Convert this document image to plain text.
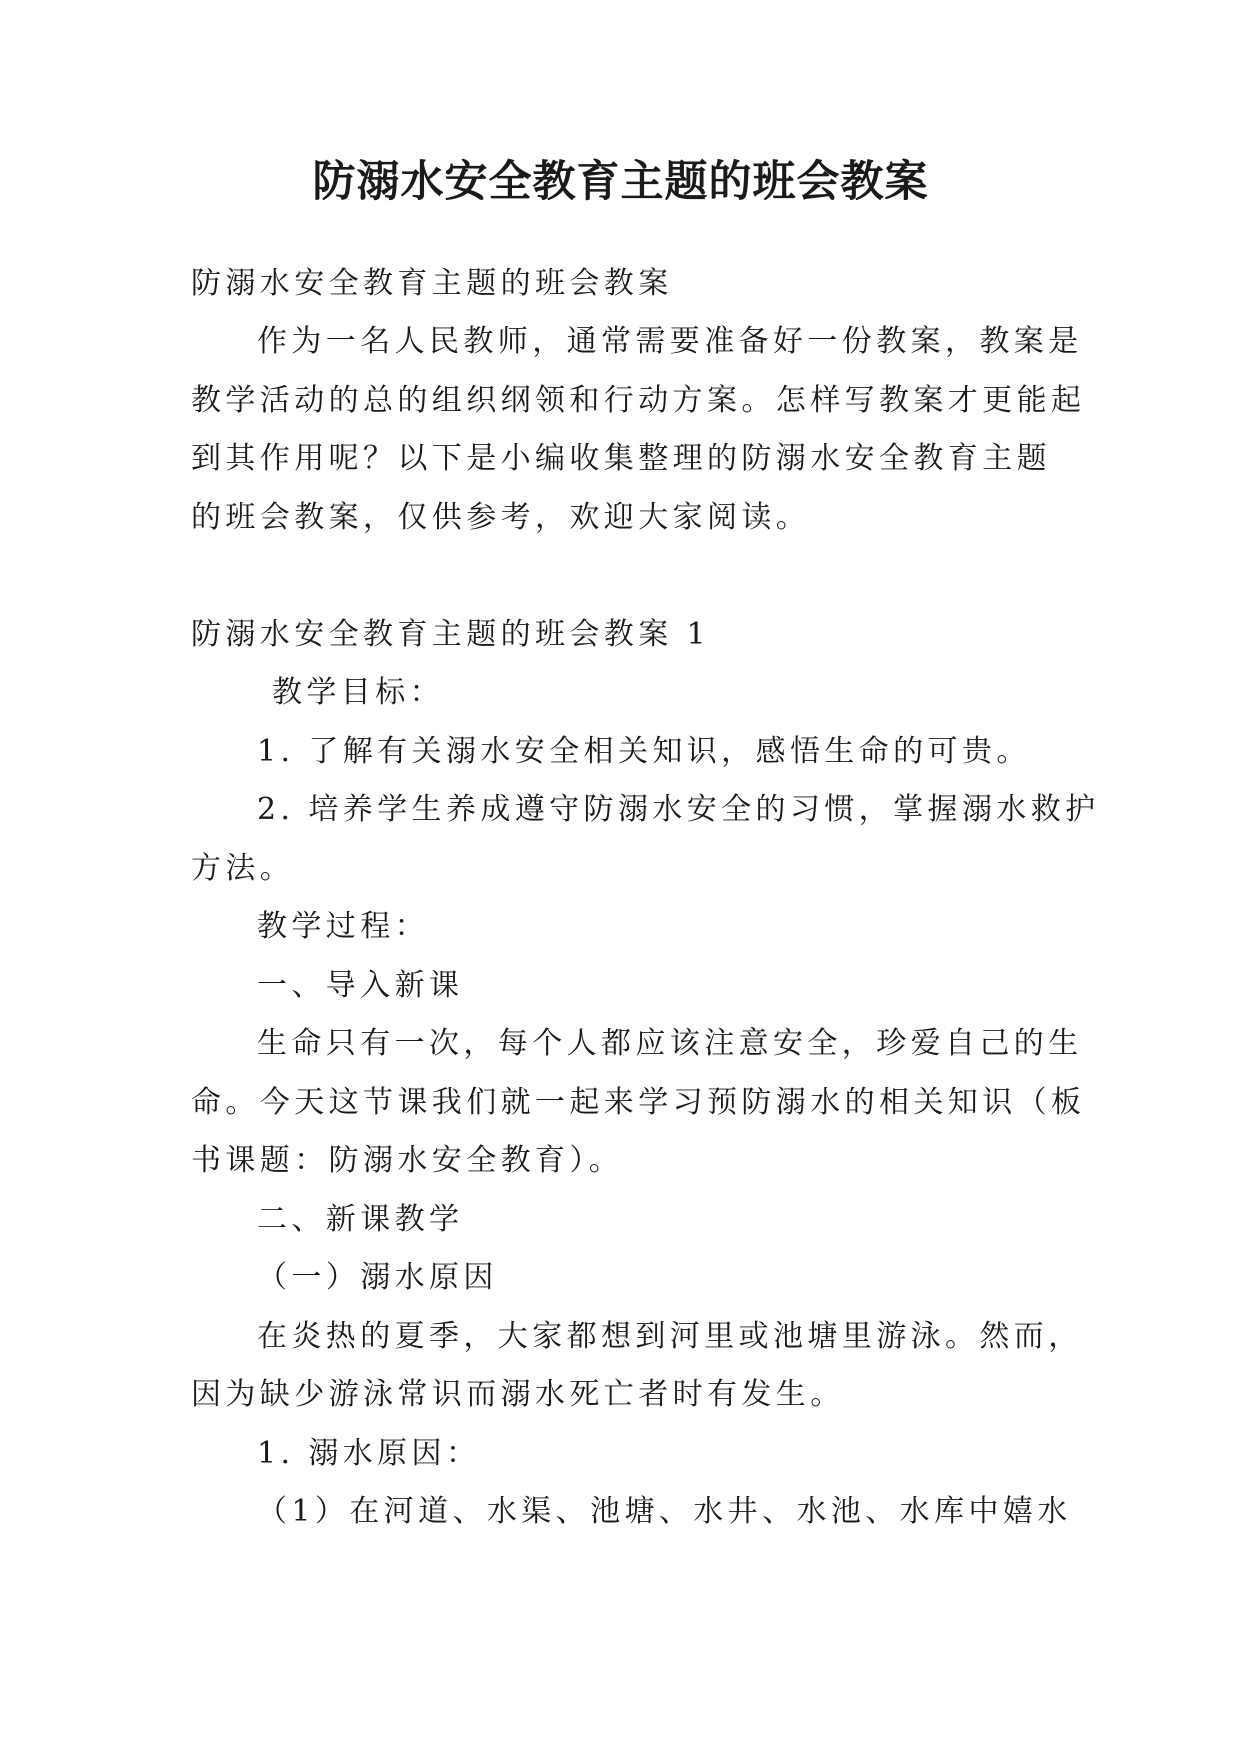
防溺水安全教育主题的班会教案

防溺水安全教育主题的班会教案

作为一名人民教师，通常需要准备好一份教案，教案是

教学活动的总的组织纲领和行动方案。怎样写教案才更能起

到其作用呢？以下是小编收集整理的防溺水安全教育主题

的班会教案，仅供参考，欢迎大家阅读。

防溺水安全教育主题的班会教案 1

教学目标：

1. 了解有关溺水安全相关知识，感悟生命的可贵。

2. 培养学生养成遵守防溺水安全的习惯，掌握溺水救护

方法。

教学过程：

一、导入新课

生命只有一次，每个人都应该注意安全，珍爱自己的生

命。今天这节课我们就一起来学习预防溺水的相关知识（板

书课题：防溺水安全教育）。

二、新课教学

（一）溺水原因

在炎热的夏季，大家都想到河里或池塘里游泳。然而，

因为缺少游泳常识而溺水死亡者时有发生。

1. 溺水原因：

（1）在河道、水渠、池塘、水井、水池、水库中嬉水
